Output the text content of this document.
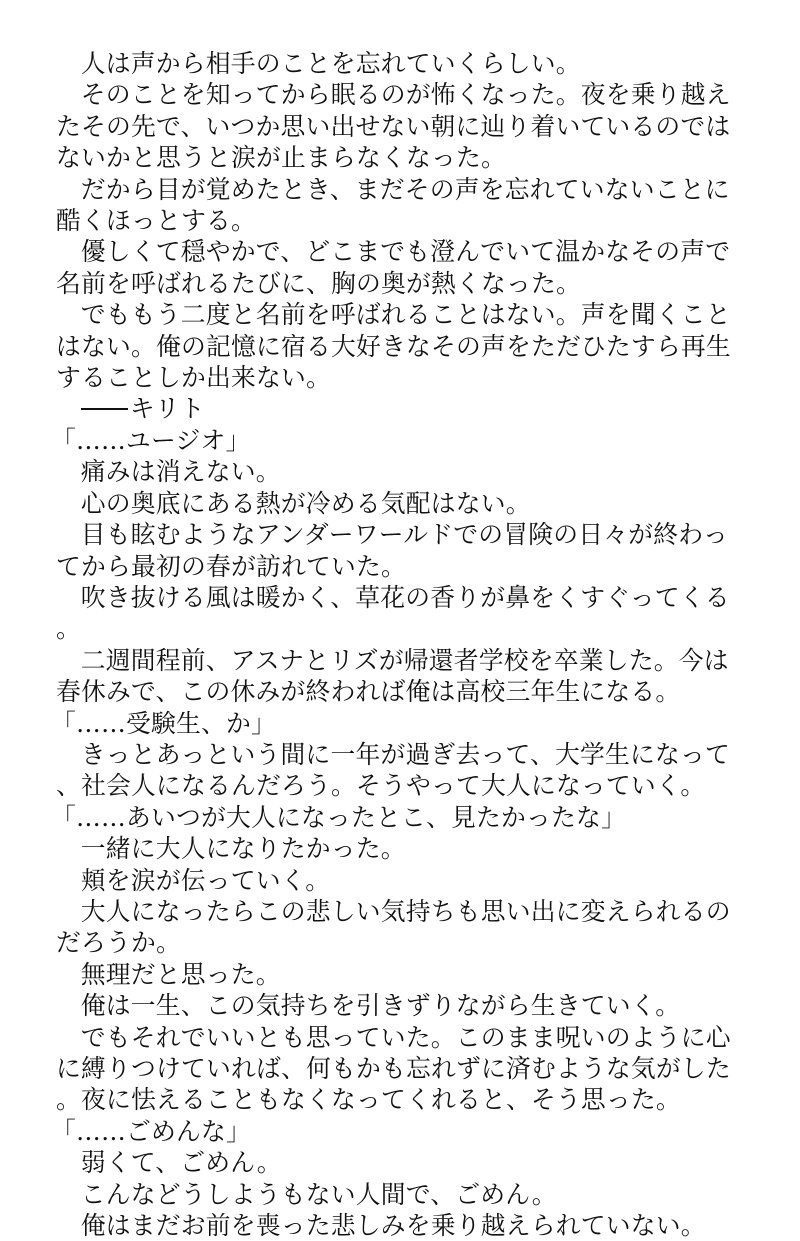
人は声から相手のことを忘れていくらしい。

そのことを知ってから眠るのが怖くなった。夜を乗り越えたその先で、いつか思い出せない朝に辿り着いているのではないかと思うと涙が止まらなくなった。

だから目が覚めたとき、まだその声を忘れていないことに酷くほっとする。

優しくて穏やかで、どこまでも澄んでいて温かなその声で名前を呼ばれるたびに、胸の奥が熱くなった。

でももう二度と名前を呼ばれることはない。声を聞くことはない。俺の記憶に宿る大好きなその声をただひたすら再生することしか出来ない。

キリト

「……ユージオ」

痛みは消えない。

心の奥底にある熱が冷める気配はない。

目も眩むようなアンダーワールドでの冒険の日々が終わってから最初の春が訪れていた。

吹き抜ける風は暖かく、草花の香りが鼻をくすぐってくる。

二週間程前、アスナとリズが帰還者学校を卒業した。今は春休みで、この休みが終われば俺は高校三年生になる。

「……受験生、か」

きっとあっという間に一年が過ぎ去って、大学生になって、社会人になるんだろう。そうやって大人になっていく。

「……あいつが大人になったとこ、見たかったな」

一緒に大人になりたかった。

頬を涙が伝っていく。

大人になったらこの悲しい気持ちも思い出に変えられるのだろうか。

無理だと思った。

俺は一生、この気持ちを引きずりながら生きていく。

でもそれでいいとも思っていた。このまま呪いのように心に縛りつけていれば、何もかも忘れずに済むような気がした。夜に怯えることもなくなってくれると、そう思った。

「……ごめんな」

弱くて、ごめん。

こんなどうしようもない人間で、ごめん。

俺はまだお前を喪った悲しみを乗り越えられていない。
